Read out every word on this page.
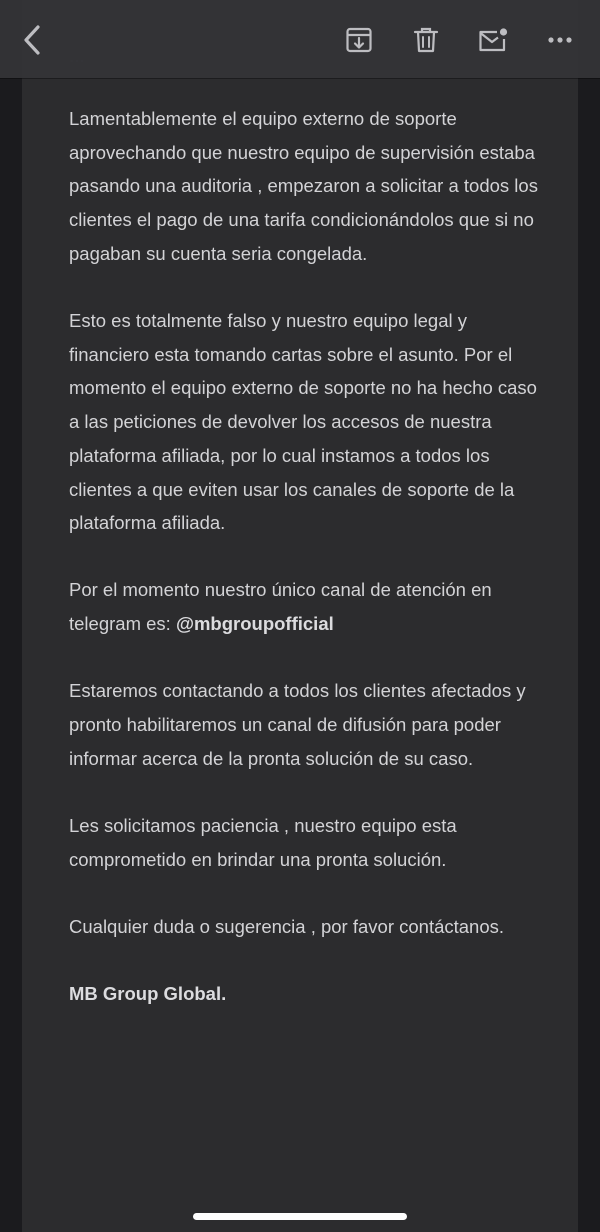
Lamentablemente el equipo externo de soporte aprovechando que nuestro equipo de supervisión estaba pasando una auditoria , empezaron a solicitar a todos los clientes el pago de una tarifa condicionándolos que si no pagaban su cuenta seria congelada.

Esto es totalmente falso y nuestro equipo legal y financiero esta tomando cartas sobre el asunto. Por el momento el equipo externo de soporte no ha hecho caso a las peticiones de devolver los accesos de nuestra plataforma afiliada, por lo cual instamos a todos los clientes a que eviten usar los canales de soporte de la plataforma afiliada.

Por el momento nuestro único canal de atención en telegram es: @mbgroupofficial

Estaremos contactando a todos los clientes afectados y pronto habilitaremos un canal de difusión para poder informar acerca de la pronta solución de su caso.

Les solicitamos paciencia , nuestro equipo esta comprometido en brindar una pronta solución.

Cualquier duda o sugerencia , por favor contáctanos.

MB Group Global.
